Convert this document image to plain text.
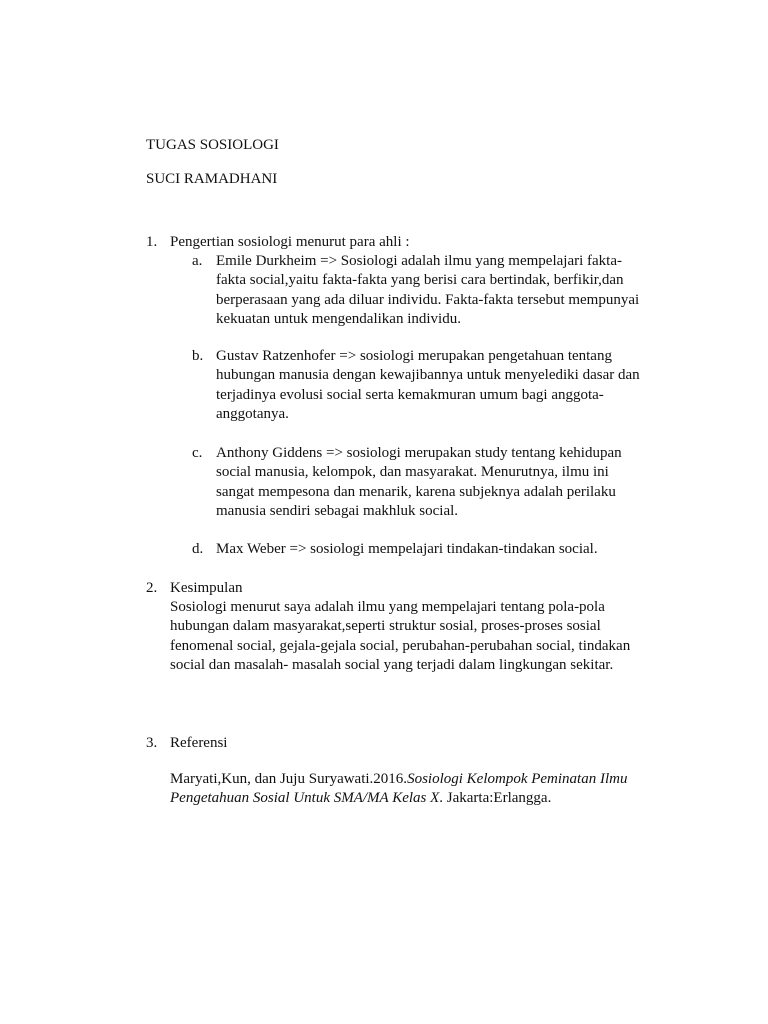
TUGAS SOSIOLOGI
SUCI RAMADHANI
1. Pengertian sosiologi menurut para ahli :
a. Emile Durkheim => Sosiologi adalah ilmu yang mempelajari fakta-
fakta social,yaitu fakta-fakta yang berisi cara bertindak, berfikir,dan
berperasaan yang ada diluar individu. Fakta-fakta tersebut mempunyai
kekuatan untuk mengendalikan individu.
b. Gustav Ratzenhofer => sosiologi merupakan pengetahuan tentang
hubungan manusia dengan kewajibannya untuk menyelediki dasar dan
terjadinya evolusi social serta kemakmuran umum bagi anggota-
anggotanya.
c. Anthony Giddens => sosiologi merupakan study tentang kehidupan
social manusia, kelompok, dan masyarakat. Menurutnya, ilmu ini
sangat mempesona dan menarik, karena subjeknya adalah perilaku
manusia sendiri sebagai makhluk social.
d. Max Weber => sosiologi mempelajari tindakan-tindakan social.
2. Kesimpulan
Sosiologi menurut saya adalah ilmu yang mempelajari tentang pola-pola
hubungan dalam masyarakat,seperti struktur sosial, proses-proses sosial
fenomenal social, gejala-gejala social, perubahan-perubahan social, tindakan
social dan masalah- masalah social yang terjadi dalam lingkungan sekitar.
3. Referensi
Maryati,Kun, dan Juju Suryawati.2016.Sosiologi Kelompok Peminatan Ilmu
Pengetahuan Sosial Untuk SMA/MA Kelas X. Jakarta:Erlangga.
